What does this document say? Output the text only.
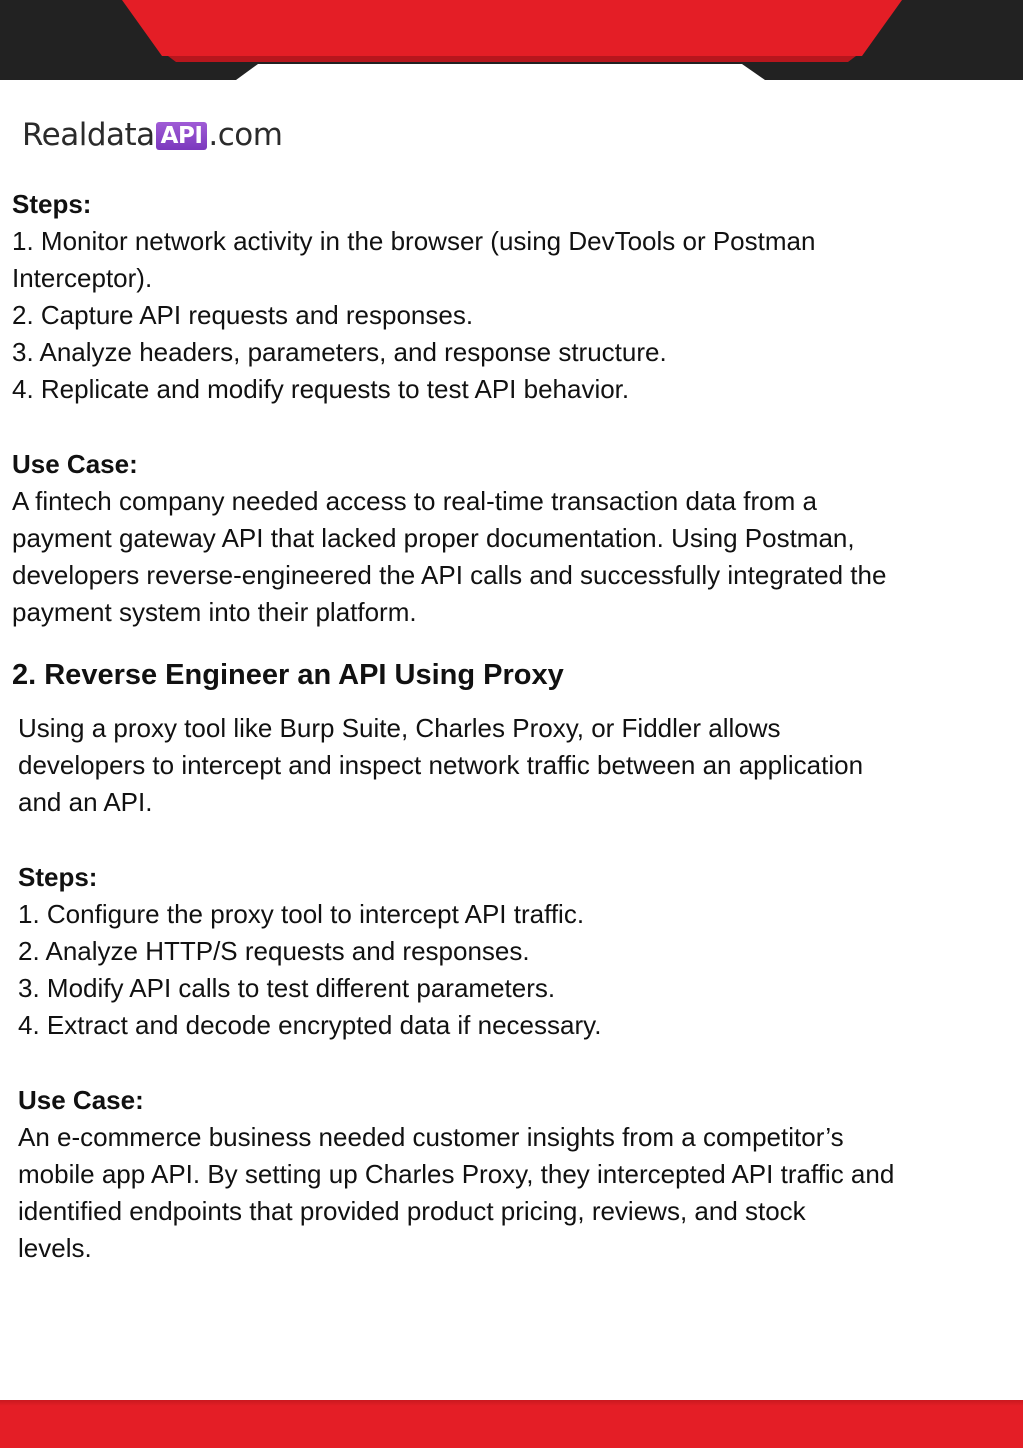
Realdata API .com
Steps:
1. Monitor network activity in the browser (using DevTools or Postman
Interceptor).
2. Capture API requests and responses.
3. Analyze headers, parameters, and response structure.
4. Replicate and modify requests to test API behavior.
Use Case:
A fintech company needed access to real-time transaction data from a
payment gateway API that lacked proper documentation. Using Postman,
developers reverse-engineered the API calls and successfully integrated the
payment system into their platform.
2. Reverse Engineer an API Using Proxy
Using a proxy tool like Burp Suite, Charles Proxy, or Fiddler allows
developers to intercept and inspect network traffic between an application
and an API.
Steps:
1. Configure the proxy tool to intercept API traffic.
2. Analyze HTTP/S requests and responses.
3. Modify API calls to test different parameters.
4. Extract and decode encrypted data if necessary.
Use Case:
An e-commerce business needed customer insights from a competitor’s
mobile app API. By setting up Charles Proxy, they intercepted API traffic and
identified endpoints that provided product pricing, reviews, and stock
levels.
